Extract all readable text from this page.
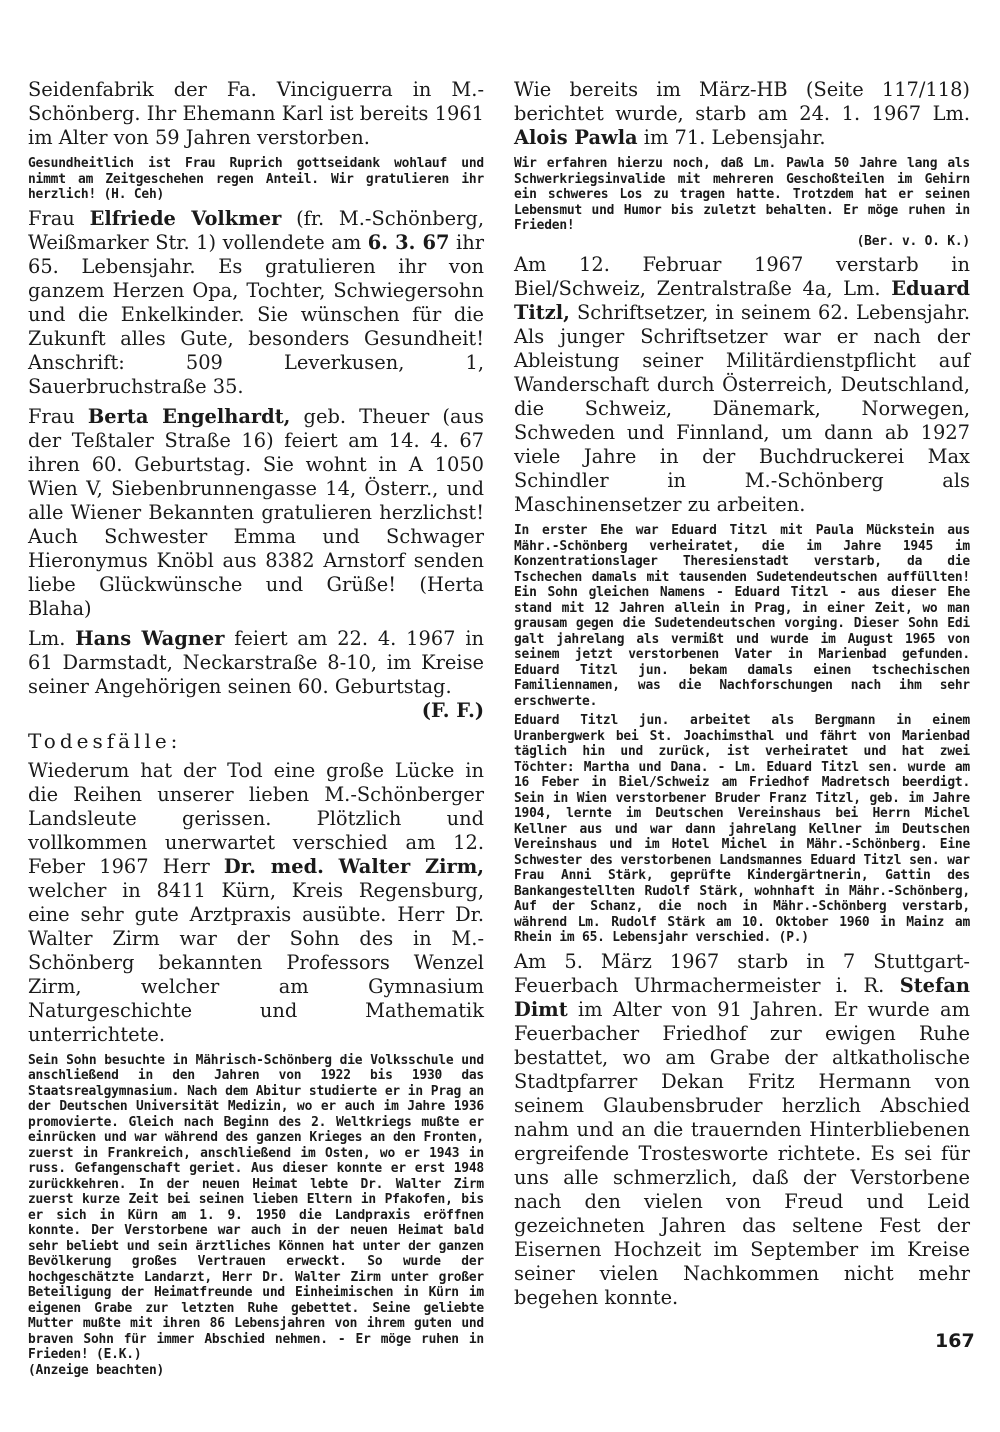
Seidenfabrik der Fa. Vinciguerra in M.-Schönberg. Ihr Ehemann Karl ist bereits 1961 im Alter von 59 Jahren verstorben.

Gesundheitlich ist Frau Ruprich gottseidank wohlauf und nimmt am Zeitgeschehen regen Anteil. Wir gratulieren ihr herzlich! (H. Ceh)

Frau Elfriede Volkmer (fr. M.-Schönberg, Weißmarker Str. 1) vollendete am 6. 3. 67 ihr 65. Lebensjahr. Es gratulieren ihr von ganzem Herzen Opa, Tochter, Schwiegersohn und die Enkelkinder. Sie wünschen für die Zukunft alles Gute, besonders Gesundheit! Anschrift: 509 Leverkusen, 1, Sauerbruchstraße 35.

Frau Berta Engelhardt, geb. Theuer (aus der Teßtaler Straße 16) feiert am 14. 4. 67 ihren 60. Geburtstag. Sie wohnt in A 1050 Wien V, Siebenbrunnengasse 14, Österr., und alle Wiener Bekannten gratulieren herzlichst! Auch Schwester Emma und Schwager Hieronymus Knöbl aus 8382 Arnstorf senden liebe Glückwünsche und Grüße! (Herta Blaha)

Lm. Hans Wagner feiert am 22. 4. 1967 in 61 Darmstadt, Neckarstraße 8-10, im Kreise seiner Angehörigen seinen 60. Geburtstag.

(F. F.)

Todesfälle:

Wiederum hat der Tod eine große Lücke in die Reihen unserer lieben M.-Schönberger Landsleute gerissen. Plötzlich und vollkommen unerwartet verschied am 12. Feber 1967 Herr Dr. med. Walter Zirm, welcher in 8411 Kürn, Kreis Regensburg, eine sehr gute Arztpraxis ausübte. Herr Dr. Walter Zirm war der Sohn des in M.-Schönberg bekannten Professors Wenzel Zirm, welcher am Gymnasium Naturgeschichte und Mathematik unterrichtete.

Sein Sohn besuchte in Mährisch-Schönberg die Volksschule und anschließend in den Jahren von 1922 bis 1930 das Staatsrealgymnasium. Nach dem Abitur studierte er in Prag an der Deutschen Universität Medizin, wo er auch im Jahre 1936 promovierte. Gleich nach Beginn des 2. Weltkriegs mußte er einrücken und war während des ganzen Krieges an den Fronten, zuerst in Frankreich, anschließend im Osten, wo er 1943 in russ. Gefangenschaft geriet. Aus dieser konnte er erst 1948 zurückkehren. In der neuen Heimat lebte Dr. Walter Zirm zuerst kurze Zeit bei seinen lieben Eltern in Pfakofen, bis er sich in Kürn am 1. 9. 1950 die Landpraxis eröffnen konnte. Der Verstorbene war auch in der neuen Heimat bald sehr beliebt und sein ärztliches Können hat unter der ganzen Bevölkerung großes Vertrauen erweckt. So wurde der hochgeschätzte Landarzt, Herr Dr. Walter Zirm unter großer Beteiligung der Heimatfreunde und Einheimischen in Kürn im eigenen Grabe zur letzten Ruhe gebettet. Seine geliebte Mutter mußte mit ihren 86 Lebensjahren von ihrem guten und braven Sohn für immer Abschied nehmen. - Er möge ruhen in Frieden! (E.K.)

(Anzeige beachten)

Wie bereits im März-HB (Seite 117/118) berichtet wurde, starb am 24. 1. 1967 Lm. Alois Pawla im 71. Lebensjahr.

Wir erfahren hierzu noch, daß Lm. Pawla 50 Jahre lang als Schwerkriegsinvalide mit mehreren Geschoßteilen im Gehirn ein schweres Los zu tragen hatte. Trotzdem hat er seinen Lebensmut und Humor bis zuletzt behalten. Er möge ruhen in Frieden!

(Ber. v. O. K.)

Am 12. Februar 1967 verstarb in Biel/Schweiz, Zentralstraße 4a, Lm. Eduard Titzl, Schriftsetzer, in seinem 62. Lebensjahr. Als junger Schriftsetzer war er nach der Ableistung seiner Militärdienstpflicht auf Wanderschaft durch Österreich, Deutschland, die Schweiz, Dänemark, Norwegen, Schweden und Finnland, um dann ab 1927 viele Jahre in der Buchdruckerei Max Schindler in M.-Schönberg als Maschinensetzer zu arbeiten.

In erster Ehe war Eduard Titzl mit Paula Mückstein aus Mähr.-Schönberg verheiratet, die im Jahre 1945 im Konzentrationslager Theresienstadt verstarb, da die Tschechen damals mit tausenden Sudetendeutschen auffüllten! Ein Sohn gleichen Namens - Eduard Titzl - aus dieser Ehe stand mit 12 Jahren allein in Prag, in einer Zeit, wo man grausam gegen die Sudetendeutschen vorging. Dieser Sohn Edi galt jahrelang als vermißt und wurde im August 1965 von seinem jetzt verstorbenen Vater in Marienbad gefunden. Eduard Titzl jun. bekam damals einen tschechischen Familiennamen, was die Nachforschungen nach ihm sehr erschwerte.

Eduard Titzl jun. arbeitet als Bergmann in einem Uranbergwerk bei St. Joachimsthal und fährt von Marienbad täglich hin und zurück, ist verheiratet und hat zwei Töchter: Martha und Dana. - Lm. Eduard Titzl sen. wurde am 16 Feber in Biel/Schweiz am Friedhof Madretsch beerdigt. Sein in Wien verstorbener Bruder Franz Titzl, geb. im Jahre 1904, lernte im Deutschen Vereinshaus bei Herrn Michel Kellner aus und war dann jahrelang Kellner im Deutschen Vereinshaus und im Hotel Michel in Mähr.-Schönberg. Eine Schwester des verstorbenen Landsmannes Eduard Titzl sen. war Frau Anni Stärk, geprüfte Kindergärtnerin, Gattin des Bankangestellten Rudolf Stärk, wohnhaft in Mähr.-Schönberg, Auf der Schanz, die noch in Mähr.-Schönberg verstarb, während Lm. Rudolf Stärk am 10. Oktober 1960 in Mainz am Rhein im 65. Lebensjahr verschied. (P.)

Am 5. März 1967 starb in 7 Stuttgart-Feuerbach Uhrmachermeister i. R. Stefan Dimt im Alter von 91 Jahren. Er wurde am Feuerbacher Friedhof zur ewigen Ruhe bestattet, wo am Grabe der altkatholische Stadtpfarrer Dekan Fritz Hermann von seinem Glaubensbruder herzlich Abschied nahm und an die trauernden Hinterbliebenen ergreifende Trostesworte richtete. Es sei für uns alle schmerzlich, daß der Verstorbene nach den vielen von Freud und Leid gezeichneten Jahren das seltene Fest der Eisernen Hochzeit im September im Kreise seiner vielen Nachkommen nicht mehr begehen konnte.

167
